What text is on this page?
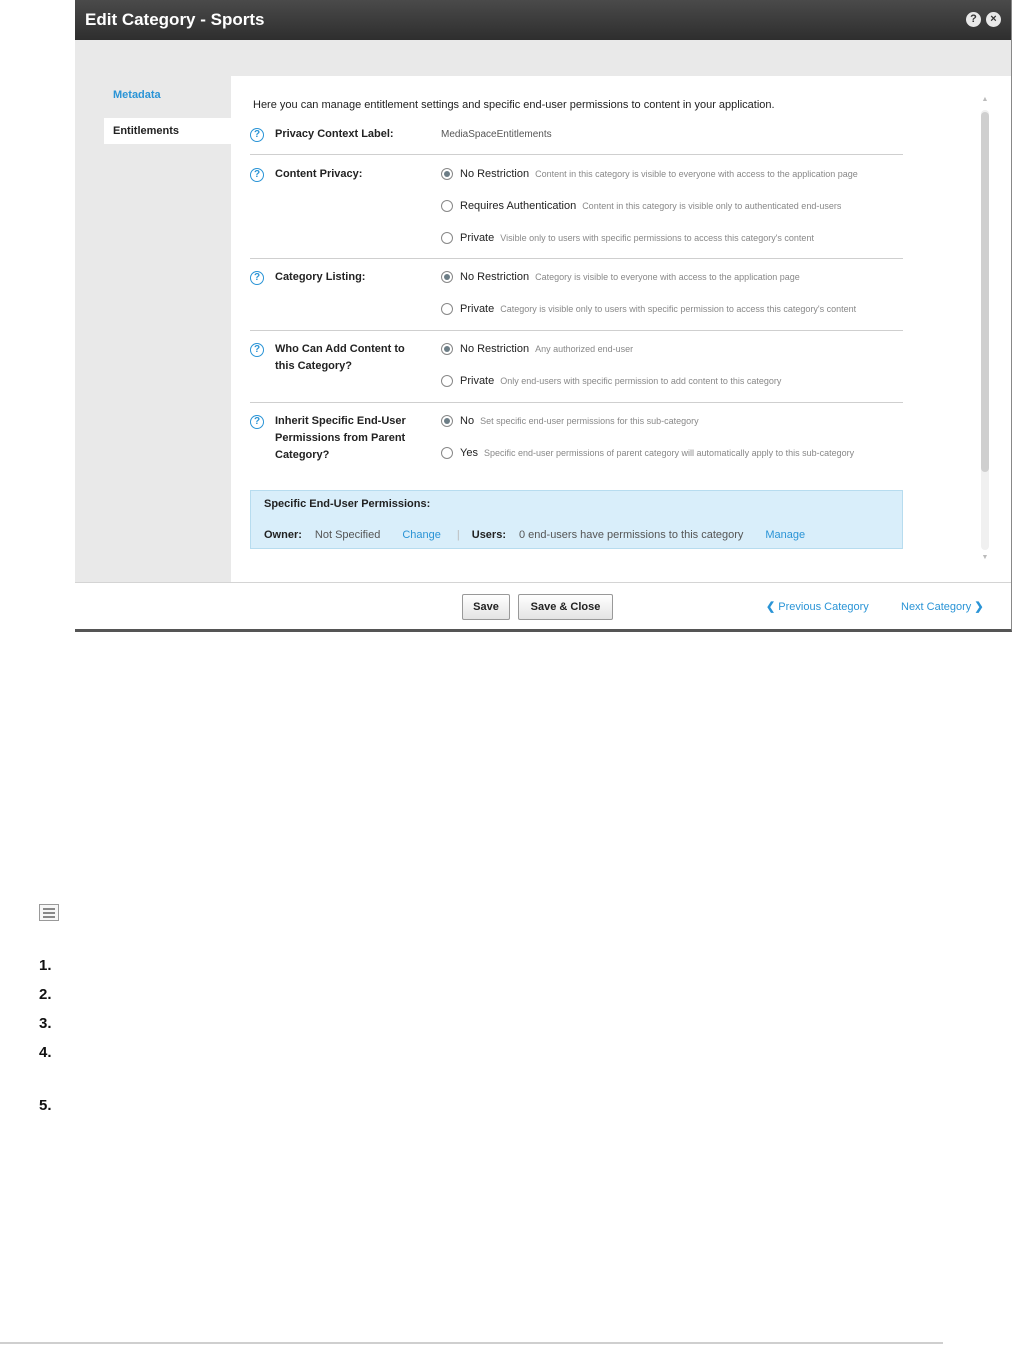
Edit Category - Sports	?	×
Metadata
Entitlements
Here you can manage entitlement settings and specific end-user permissions to content in your application.
?	Privacy Context Label:	MediaSpaceEntitlements
?	Content Privacy:	No Restriction Content in this category is visible to everyone with access to the application page
Requires Authentication Content in this category is visible only to authenticated end-users
Private Visible only to users with specific permissions to access this category's content
?	Category Listing:	No Restriction Category is visible to everyone with access to the application page
Private Category is visible only to users with specific permission to access this category's content
?	Who Can Add Content to
this Category?
No Restriction Any authorized end-user
Private Only end-users with specific permission to add content to this category
?	Inherit Specific End-User
Permissions from Parent
Category?
No Set specific end-user permissions for this sub-category
Yes Specific end-user permissions of parent category will automatically apply to this sub-category
Specific End-User Permissions:
Owner: Not Specified Change | Users: 0 end-users have permissions to this category Manage
▲
▼
Save	Save & Close	❮ Previous Category	Next Category ❯
1.
2.
3.
4.
5.
